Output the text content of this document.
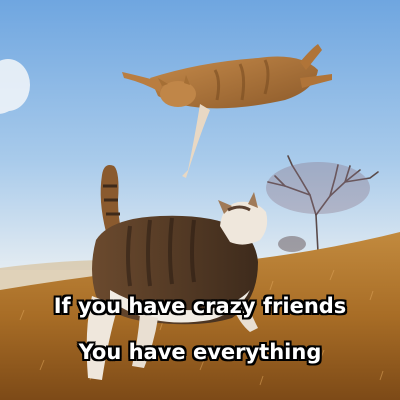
If you have crazy friends
You have everything
